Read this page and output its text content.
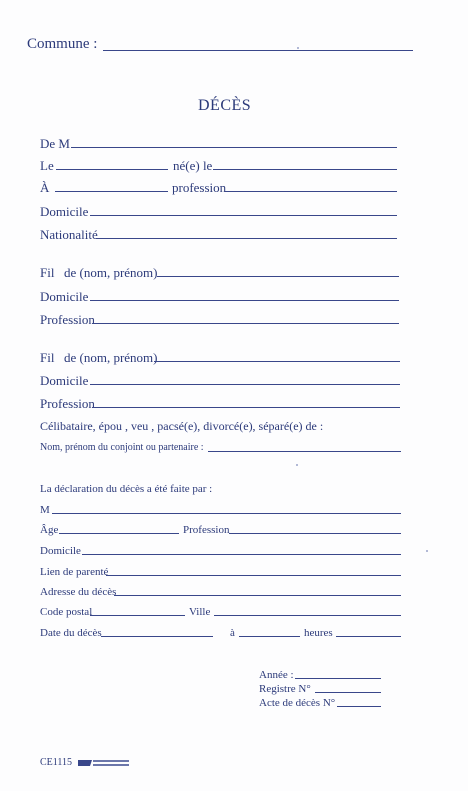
Commune :
DÉCÈS
De M
Le	né(e) le
À	profession
Domicile
Nationalité
Fil de (nom, prénom)
Domicile
Profession
Fil de (nom, prénom)
Domicile
Profession
Célibataire, épou , veu , pacsé(e), divorcé(e), séparé(e) de :
Nom, prénom du conjoint ou partenaire :
La déclaration du décès a été faite par :
M
Âge	Profession
Domicile
Lien de parenté
Adresse du décès
Code postal	Ville
Date du décès	à	heures
Année :
Registre N°
Acte de décès N°
CE1115
